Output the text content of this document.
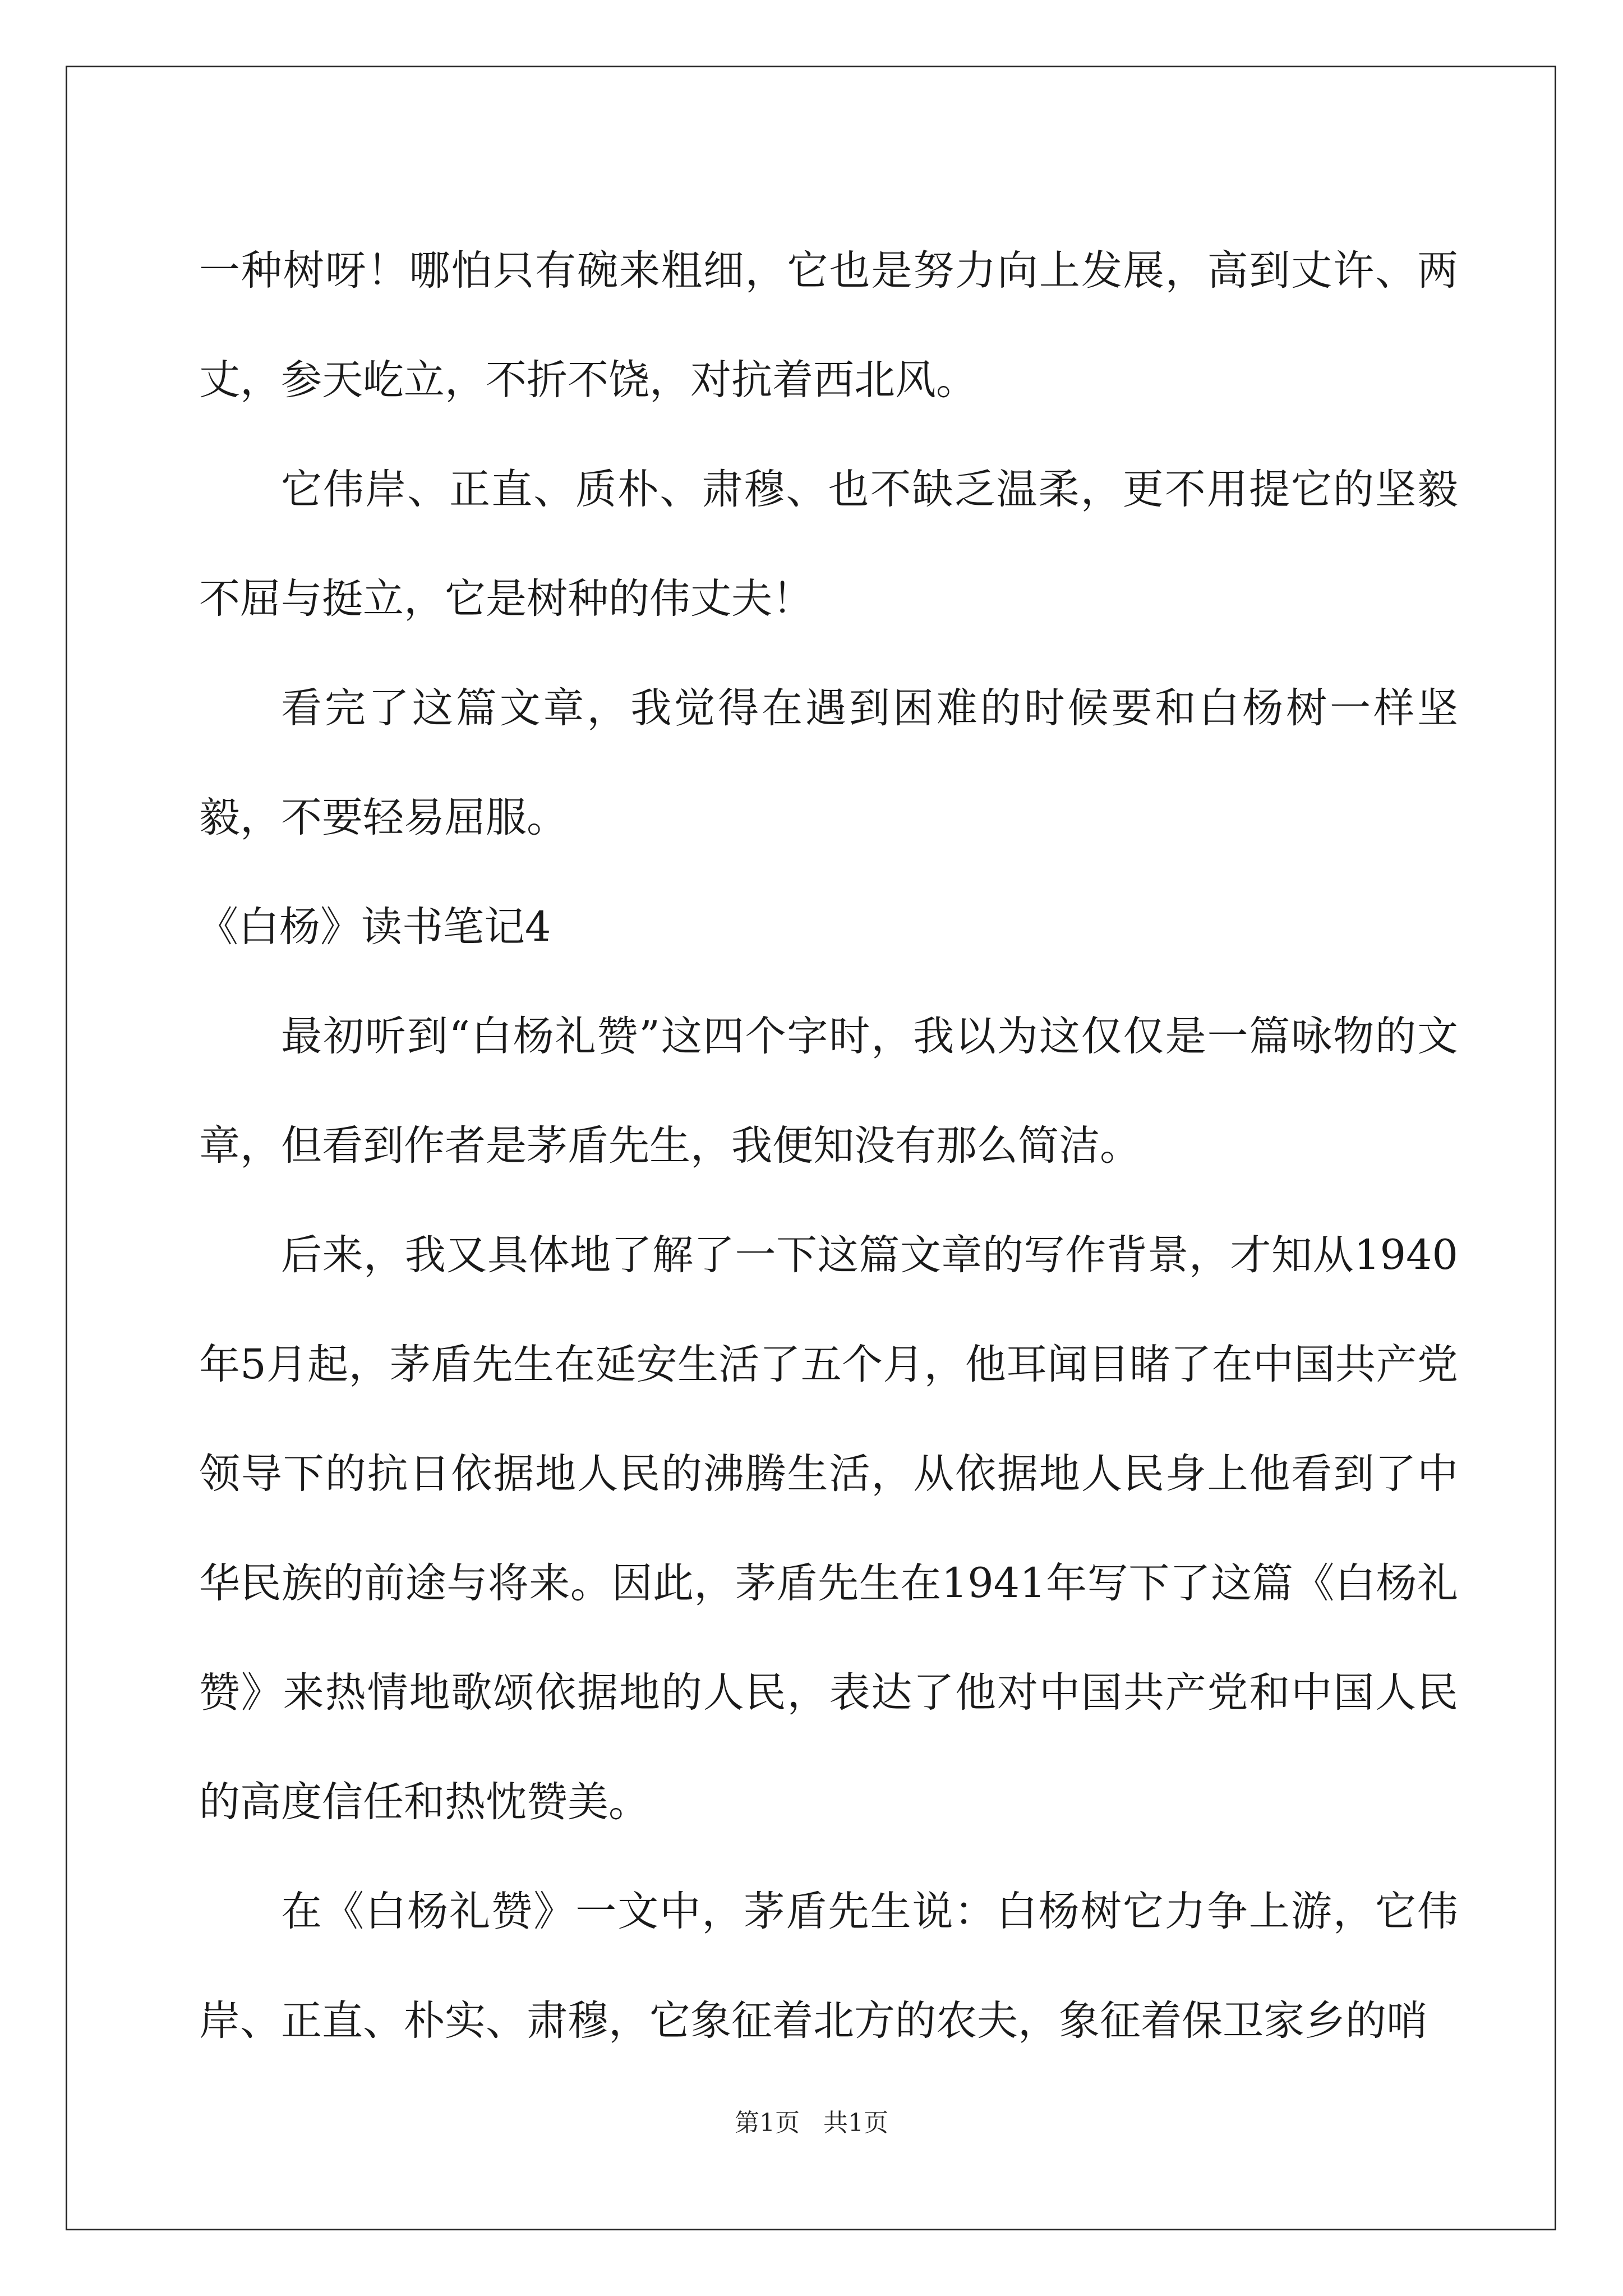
一种树呀！哪怕只有碗来粗细，它也是努力向上发展，高到丈许、两丈，参天屹立，不折不饶，对抗着西北风。

它伟岸、正直、质朴、肃穆、也不缺乏温柔，更不用提它的坚毅不屈与挺立，它是树种的伟丈夫！

看完了这篇文章，我觉得在遇到困难的时候要和白杨树一样坚毅，不要轻易屈服。

《白杨》读书笔记4

最初听到“白杨礼赞”这四个字时，我以为这仅仅是一篇咏物的文章，但看到作者是茅盾先生，我便知没有那么简洁。

后来，我又具体地了解了一下这篇文章的写作背景，才知从1940年5月起，茅盾先生在延安生活了五个月，他耳闻目睹了在中国共产党领导下的抗日依据地人民的沸腾生活，从依据地人民身上他看到了中华民族的前途与将来。因此，茅盾先生在1941年写下了这篇《白杨礼赞》来热情地歌颂依据地的人民，表达了他对中国共产党和中国人民的高度信任和热忱赞美。

在《白杨礼赞》一文中，茅盾先生说：白杨树它力争上游，它伟岸、正直、朴实、肃穆，它象征着北方的农夫，象征着保卫家乡的哨

第1页   共1页
